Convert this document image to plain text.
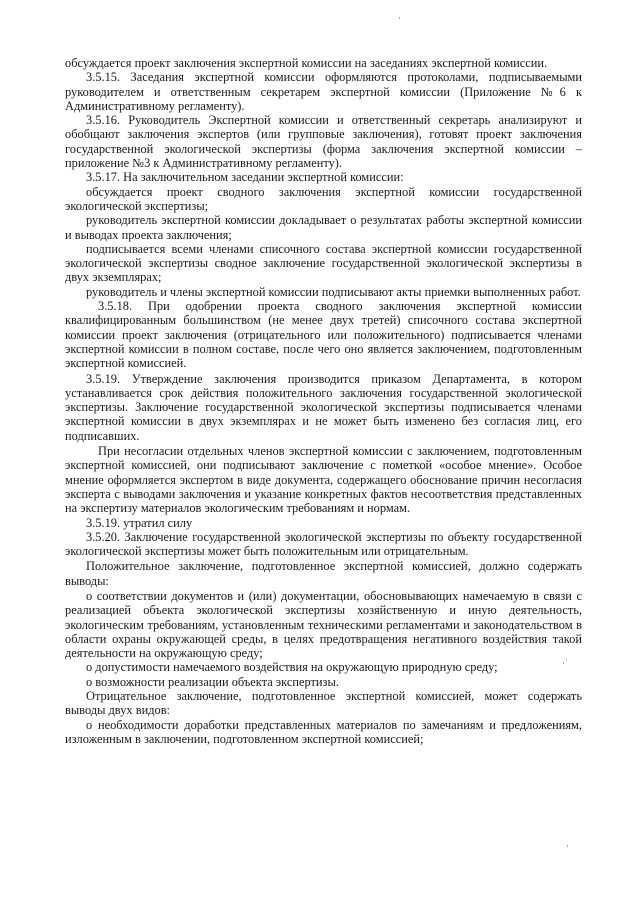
обсуждается проект заключения экспертной комиссии на заседаниях экспертной комиссии.

3.5.15. Заседания экспертной комиссии оформляются протоколами, подписываемыми руководителем и ответственным секретарем экспертной комиссии (Приложение №6 к Административному регламенту).

3.5.16. Руководитель Экспертной комиссии и ответственный секретарь анализируют и обобщают заключения экспертов (или групповые заключения), готовят проект заключения государственной экологической экспертизы (форма заключения экспертной комиссии – приложение №3 к Административному регламенту).

3.5.17. На заключительном заседании экспертной комиссии:

обсуждается проект сводного заключения экспертной комиссии государственной экологической экспертизы;

руководитель экспертной комиссии докладывает о результатах работы экспертной комиссии и выводах проекта заключения;

подписывается всеми членами списочного состава экспертной комиссии государственной экологической экспертизы сводное заключение государственной экологической экспертизы в двух экземплярах;

руководитель и члены экспертной комиссии подписывают акты приемки выполненных работ.

3.5.18. При одобрении проекта сводного заключения экспертной комиссии квалифицированным большинством (не менее двух третей) списочного состава экспертной комиссии проект заключения (отрицательного или положительного) подписывается членами экспертной комиссии в полном составе, после чего оно является заключением, подготовленным экспертной комиссией.

3.5.19. Утверждение заключения производится приказом Департамента, в котором устанавливается срок действия положительного заключения государственной экологической экспертизы. Заключение государственной экологической экспертизы подписывается членами экспертной комиссии в двух экземплярах и не может быть изменено без согласия лиц, его подписавших.

При несогласии отдельных членов экспертной комиссии с заключением, подготовленным экспертной комиссией, они подписывают заключение с пометкой «особое мнение». Особое мнение оформляется экспертом в виде документа, содержащего обоснование причин несогласия эксперта с выводами заключения и указание конкретных фактов несоответствия представленных на экспертизу материалов экологическим требованиям и нормам.

3.5.19. утратил силу

3.5.20. Заключение государственной экологической экспертизы по объекту государственной экологической экспертизы может быть положительным или отрицательным.

Положительное заключение, подготовленное экспертной комиссией, должно содержать выводы:

о соответствии документов и (или) документации, обосновывающих намечаемую в связи с реализацией объекта экологической экспертизы хозяйственную и иную деятельность, экологическим требованиям, установленным техническими регламентами и законодательством в области охраны окружающей среды, в целях предотвращения негативного воздействия такой деятельности на окружающую среду;

о допустимости намечаемого воздействия на окружающую природную среду;

о возможности реализации объекта экспертизы.

Отрицательное заключение, подготовленное экспертной комиссией, может содержать выводы двух видов:

о необходимости доработки представленных материалов по замечаниям и предложениям, изложенным в заключении, подготовленном экспертной комиссией;

·
·˙
·
